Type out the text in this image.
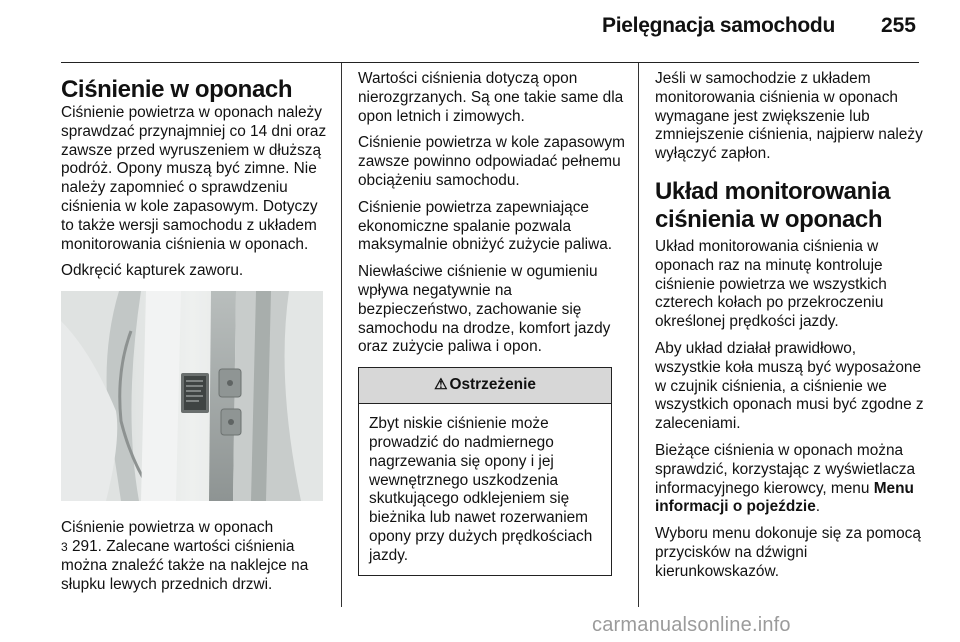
Pielęgnacja samochodu 255
Ciśnienie w oponach

Ciśnienie powietrza w oponach należy sprawdzać przynajmniej co 14 dni oraz zawsze przed wyruszeniem w dłuższą podróż. Opony muszą być zimne. Nie należy zapomnieć o sprawdzeniu ciśnienia w kole zapasowym. Dotyczy to także wersji samochodu z układem monitorowania ciśnienia w oponach.

Odkręcić kapturek zaworu.

Ciśnienie powietrza w oponach
3 291. Zalecane wartości ciśnienia można znaleźć także na naklejce na słupku lewych przednich drzwi.

Wartości ciśnienia dotyczą opon nierozgrzanych. Są one takie same dla opon letnich i zimowych.

Ciśnienie powietrza w kole zapasowym zawsze powinno odpowiadać pełnemu obciążeniu samochodu.

Ciśnienie powietrza zapewniające ekonomiczne spalanie pozwala maksymalnie obniżyć zużycie paliwa.

Niewłaściwe ciśnienie w ogumieniu wpływa negatywnie na bezpieczeństwo, zachowanie się samochodu na drodze, komfort jazdy oraz zużycie paliwa i opon.

⚠ Ostrzeżenie
Zbyt niskie ciśnienie może prowadzić do nadmiernego nagrzewania się opony i jej wewnętrznego uszkodzenia skutkującego odklejeniem się bieżnika lub nawet rozerwaniem opony przy dużych prędkościach jazdy.

Jeśli w samochodzie z układem monitorowania ciśnienia w oponach wymagane jest zwiększenie lub zmniejszenie ciśnienia, najpierw należy wyłączyć zapłon.

Układ monitorowania ciśnienia w oponach

Układ monitorowania ciśnienia w oponach raz na minutę kontroluje ciśnienie powietrza we wszystkich czterech kołach po przekroczeniu określonej prędkości jazdy.

Aby układ działał prawidłowo, wszystkie koła muszą być wyposażone w czujnik ciśnienia, a ciśnienie we wszystkich oponach musi być zgodne z zaleceniami.

Bieżące ciśnienia w oponach można sprawdzić, korzystając z wyświetlacza informacyjnego kierowcy, menu Menu informacji o pojeździe.

Wyboru menu dokonuje się za pomocą przycisków na dźwigni kierunkowskazów.

carmanualsonline.info
